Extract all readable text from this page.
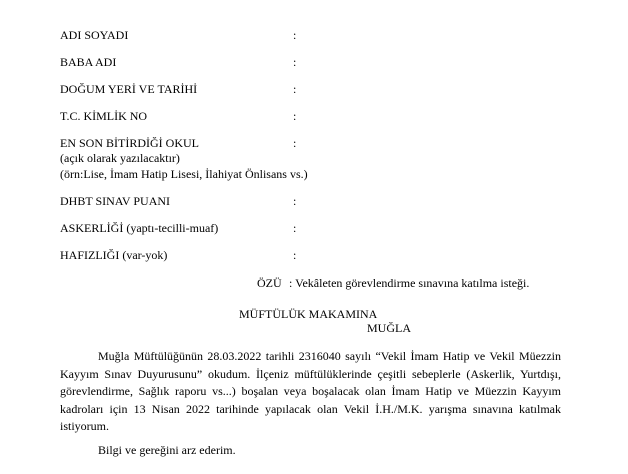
ADI SOYADI	:
BABA ADI	:
DOĞUM YERİ VE TARİHİ	:
T.C. KİMLİK NO	:
EN SON BİTİRDİĞİ OKUL	:
(açık olarak yazılacaktır)
(örn:Lise, İmam Hatip Lisesi, İlahiyat Önlisans vs.)
DHBT SINAV PUANI	:
ASKERLİĞİ (yaptı-tecilli-muaf)	:
HAFIZLIĞI (var-yok)	:
ÖZÜ : Vekâleten görevlendirme sınavına katılma isteği.
MÜFTÜLÜK MAKAMINA
MUĞLA
Muğla Müftülüğünün 28.03.2022 tarihli 2316040 sayılı “Vekil İmam Hatip ve Vekil Müezzin
Kayyım Sınav Duyurusunu” okudum. İlçeniz müftülüklerinde çeşitli sebeplerle (Askerlik, Yurtdışı,
görevlendirme, Sağlık raporu vs...) boşalan veya boşalacak olan İmam Hatip ve Müezzin Kayyım
kadroları için 13 Nisan 2022 tarihinde yapılacak olan Vekil İ.H./M.K. yarışma sınavına katılmak
istiyorum.
Bilgi ve gereğini arz ederim.
